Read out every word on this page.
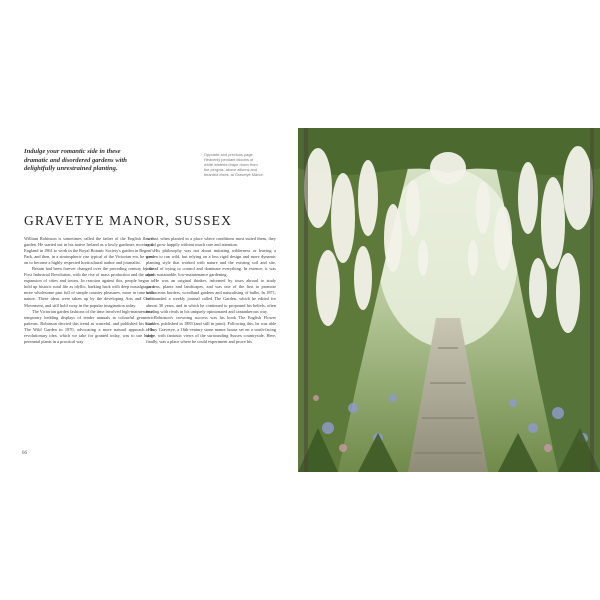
Indulge your romantic side in these
dramatic and disordered gardens with
delightfully unrestrained planting.
Opposite and previous page
Heavenly pendant blooms of
white wisteria drape down from
the pergola, above alliums and
bearded irises, at Gravetye Manor.
GRAVETYE MANOR, SUSSEX

William Robinson is sometimes called the father of the English flower garden. He started out in his native Ireland as a lowly gardener, moving to England in 1861 to work in the Royal Botanic Society's garden in Regent's Park, and then, in a stratospheric rise typical of the Victorian era, he went on to become a highly respected horticultural author and journalist.

Britain had been forever changed over the preceding century by the First Industrial Revolution, with the rise of mass production and the rapid expansion of cities and towns. In reaction against this, people began to hold up historic rural life as idyllic, harking back with deep nostalgia to a more wholesome past full of simple country pleasures, more in tune with nature. These ideas were taken up by the developing Arts and Crafts Movement, and still hold sway in the popular imagination today.

The Victorian garden fashions of the time involved high-maintenance, temporary bedding displays of tender annuals in colourful geometric patterns. Robinson decried this trend as wasteful, and published his book The Wild Garden in 1870, advocating a more natural approach. His revolutionary idea, which we take for granted today, was to use hardy perennial plants in a practical way

so that, when planted in a place where conditions most suited them, they could grow happily without much care and attention.

His philosophy was not about imitating wilderness or leaving a garden to run wild, but relying on a less rigid design and more dynamic planting style that worked with nature and the existing soil and site, instead of trying to control and dominate everything. In essence, it was about sustainable, low-maintenance gardening.

He was an original thinker, informed by tours abroad to study gardens, plants and landscapes, and was one of the first to promote herbaceous borders, woodland gardens and naturalising of bulbs. In 1871, he founded a weekly journal called The Garden, which he edited for almost 30 years, and in which he continued to propound his beliefs, often feuding with rivals in his uniquely opinionated and cantankerous way.

Robinson's crowning success was his book The English Flower Garden, published in 1883 (and still in print). Following this, he was able to buy Gravetye, a 16th-century stone manor house set on a south-facing slope, with fantastic views of the surrounding Sussex countryside. Here, finally, was a place where he could experiment and prove his

66
